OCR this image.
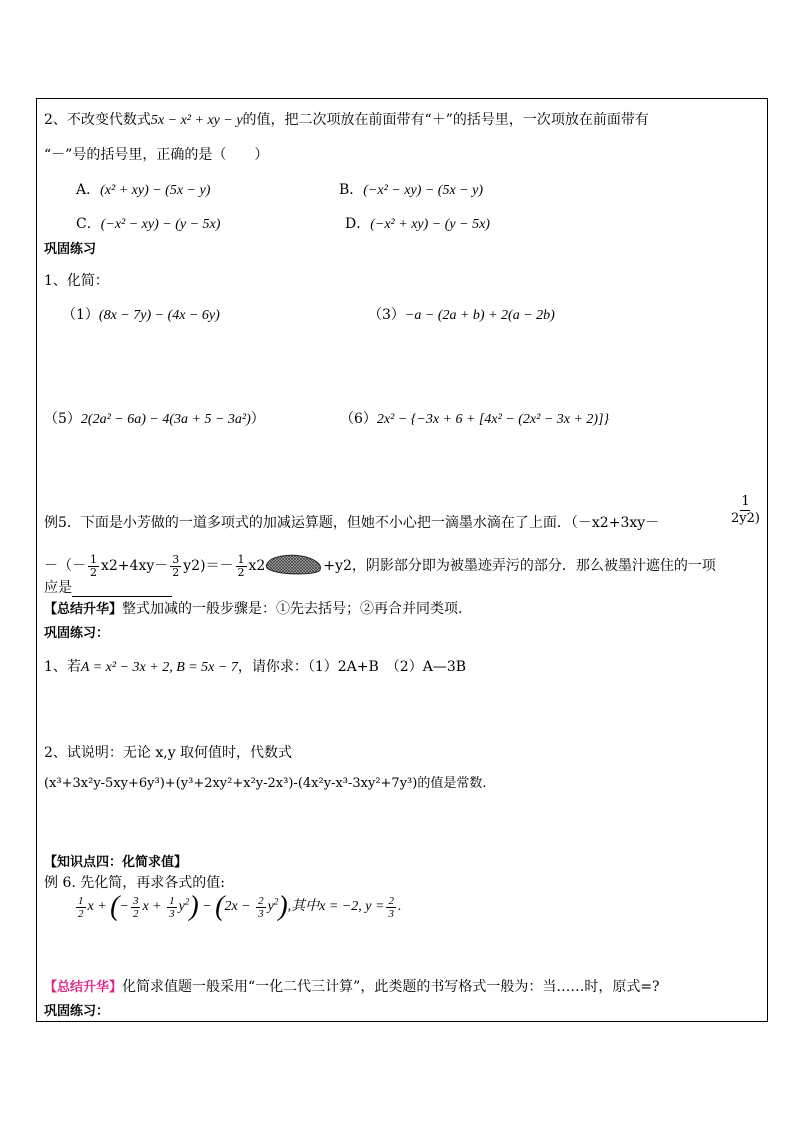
2、不改变代数式5x − x² + xy − y的值，把二次项放在前面带有“＋”的括号里，一次项放在前面带有
“－”号的括号里，正确的是（　　）
A．(x² + xy) − (5x − y)	B．(−x² − xy) − (5x − y)
C．(−x² − xy) − (y − 5x)	D．(−x² + xy) − (y − 5x)
巩固练习
1、化简：
（1）(8x − 7y) − (4x − 6y)	（3）−a − (2a + b) + 2(a − 2b)
（5）2(2a² − 6a) − 4(3a + 5 − 3a²)）	（6）2x² − {−3x + 6 + [4x² − (2x² − 3x + 2)]}
例5．下面是小芳做的一道多项式的加减运算题，但她不小心把一滴墨水滴在了上面．（－x2+3xy－
1
2y2)
－（－ $\frac{1}{2} x2+4xy- \frac{3}{2} y2)=- \frac{1}{2} x2$	+y2，阴影部分即为被墨迹弄污的部分．那么被墨汁遮住的一项
应是
【总结升华】整式加减的一般步骤是：①先去括号；②再合并同类项.
巩固练习：
1、若A = x² − 3x + 2, B = 5x − 7，请你求：（1）2A+B　（2）A—3B
2、试说明：无论 x,y 取何值时，代数式
(x³+3x²y-5xy+6y³)+(y³+2xy²+x²y-2x³)-(4x²y-x³-3xy²+7y³)的值是常数.
【知识点四：化简求值】
例 6. 先化简，再求各式的值:
$\frac{1}{2}$ x + (− $\frac{3}{2}$ $x + \frac{1}{3} y^2) - (2x - \frac{2}{3} y^2)$,其中x = −2, $y = \frac{2}{3}$ .
【总结升华】化简求值题一般采用“一化二代三计算”，此类题的书写格式一般为：当……时，原式=?
巩固练习：
